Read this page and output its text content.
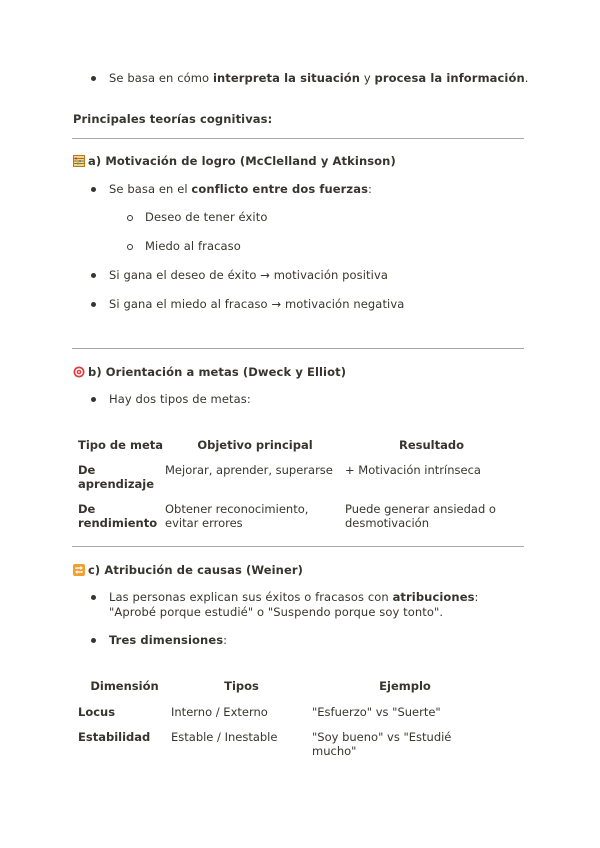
Se basa en cómo interpreta la situación y procesa la información.
Principales teorías cognitivas:
a) Motivación de logro (McClelland y Atkinson)
Se basa en el conflicto entre dos fuerzas:
Deseo de tener éxito
Miedo al fracaso
Si gana el deseo de éxito → motivación positiva
Si gana el miedo al fracaso → motivación negativa
b) Orientación a metas (Dweck y Elliot)
Hay dos tipos de metas:
Tipo de meta	Objetivo principal	Resultado
De aprendizaje	Mejorar, aprender, superarse	+ Motivación intrínseca
De rendimiento	Obtener reconocimiento, evitar errores	Puede generar ansiedad o desmotivación
c) Atribución de causas (Weiner)
Las personas explican sus éxitos o fracasos con atribuciones: "Aprobé porque estudié" o "Suspendo porque soy tonto".
Tres dimensiones:
Dimensión	Tipos	Ejemplo
Locus	Interno / Externo	"Esfuerzo" vs "Suerte"
Estabilidad	Estable / Inestable	"Soy bueno" vs "Estudié mucho"
